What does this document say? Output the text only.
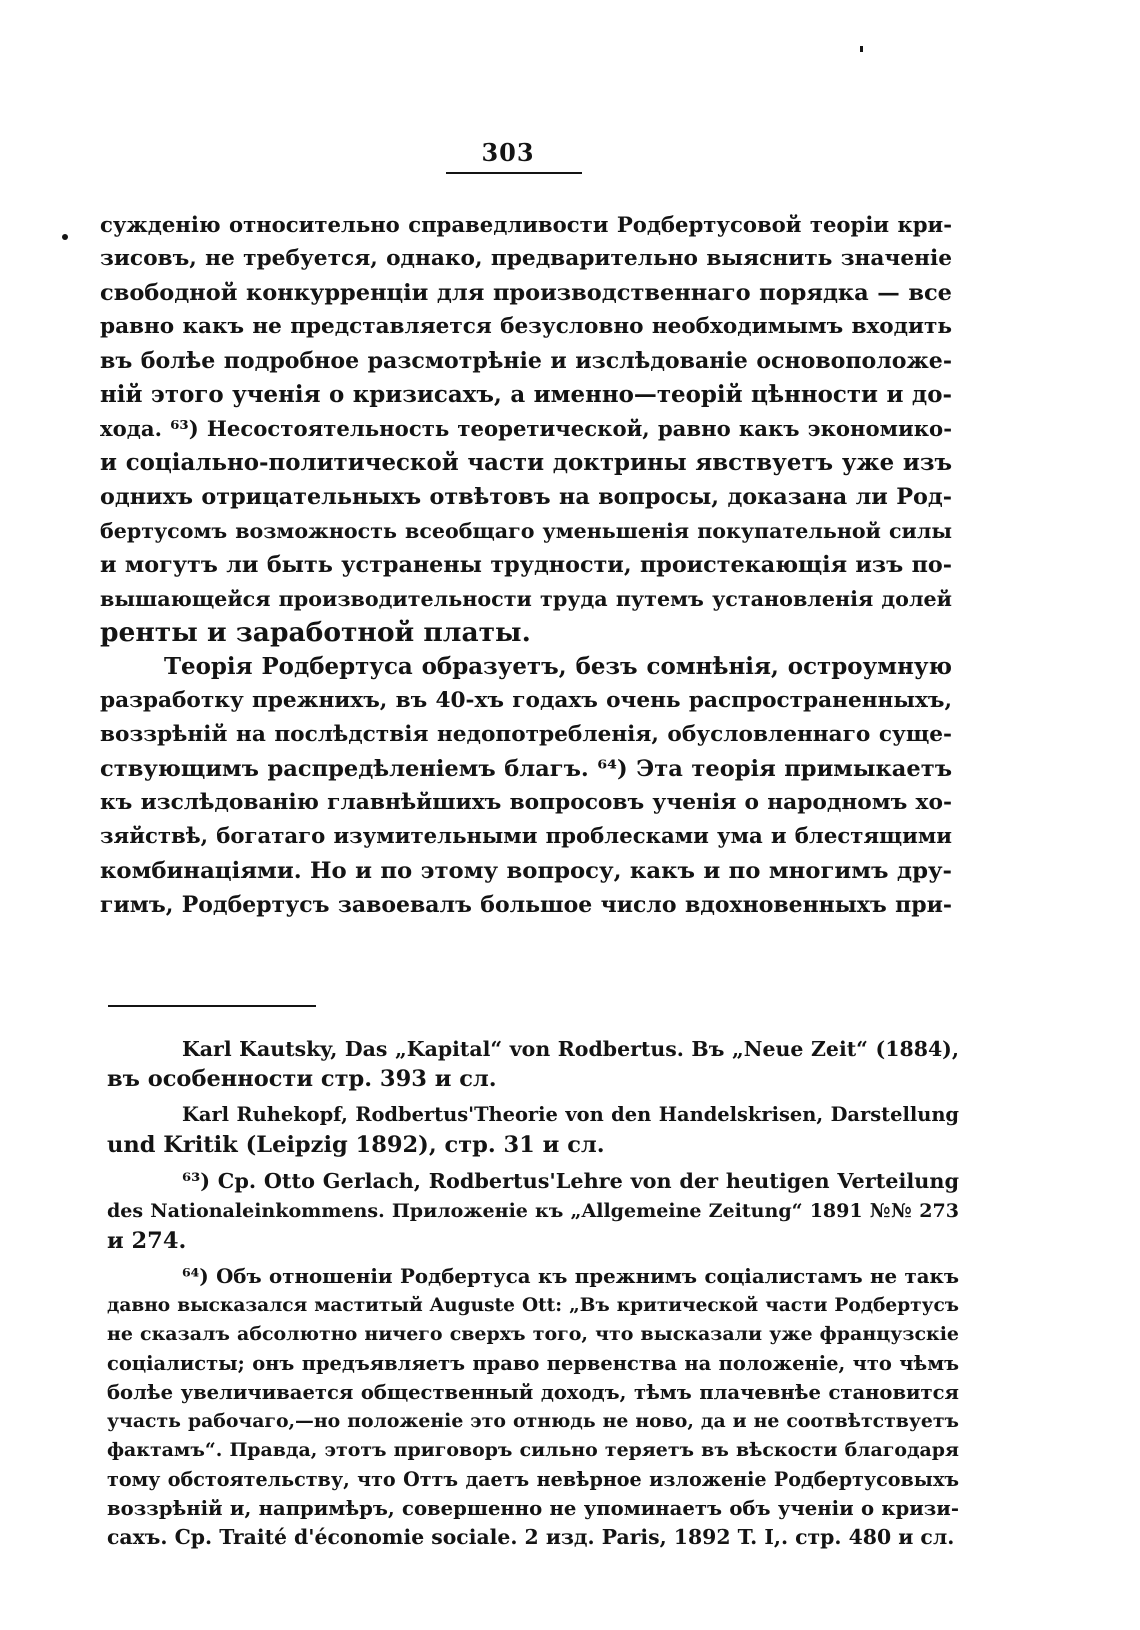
303
сужденію относительно справедливости Родбертусовой теоріи кри-
зисовъ, не требуется, однако, предварительно выяснить значеніе
свободной конкурренціи для производственнаго порядка — все
равно какъ не представляется безусловно необходимымъ входить
въ болѣе подробное разсмотрѣніе и изслѣдованіе основоположе-
ній этого ученія о кризисахъ, а именно—теорій цѣнности и до-
хода. ⁶³) Несостоятельность теоретической, равно какъ экономико-
и соціально-политической части доктрины явствуетъ уже изъ
однихъ отрицательныхъ отвѣтовъ на вопросы, доказана ли Род-
бертусомъ возможность всеобщаго уменьшенія покупательной силы
и могутъ ли быть устранены трудности, проистекающія изъ по-
вышающейся производительности труда путемъ установленія долей
ренты и заработной платы.
Теорія Родбертуса образуетъ, безъ сомнѣнія, остроумную
разработку прежнихъ, въ 40-хъ годахъ очень распространенныхъ,
воззрѣній на послѣдствія недопотребленія, обусловленнаго суще-
ствующимъ распредѣленіемъ благъ. ⁶⁴) Эта теорія примыкаетъ
къ изслѣдованію главнѣйшихъ вопросовъ ученія о народномъ хо-
зяйствѣ, богатаго изумительными проблесками ума и блестящими
комбинаціями. Но и по этому вопросу, какъ и по многимъ дру-
гимъ, Родбертусъ завоевалъ большое число вдохновенныхъ при-
Karl Kautsky, Das „Kapital“ von Rodbertus. Въ „Neue Zeit“ (1884),
въ особенности стр. 393 и сл.
Karl Ruhekopf, Rodbertus'Theorie von den Handelskrisen, Darstellung
und Kritik (Leipzig 1892), стр. 31 и сл.
⁶³) Cp. Otto Gerlach, Rodbertus'Lehre von der heutigen Verteilung
des Nationaleinkommens. Приложеніе къ „Allgemeine Zeitung“ 1891 №№ 273
и 274.
⁶⁴) Объ отношеніи Родбертуса къ прежнимъ соціалистамъ не такъ
давно высказался маститый Auguste Ott: „Въ критической части Родбертусъ
не сказалъ абсолютно ничего сверхъ того, что высказали уже французскіе
соціалисты; онъ предъявляетъ право первенства на положеніе, что чѣмъ
болѣе увеличивается общественный доходъ, тѣмъ плачевнѣе становится
участь рабочаго,—но положеніе это отнюдь не ново, да и не соотвѣтствуетъ
фактамъ“. Правда, этотъ приговоръ сильно теряетъ въ вѣскости благодаря
тому обстоятельству, что Оттъ даетъ невѣрное изложеніе Родбертусовыхъ
воззрѣній и, напримѣръ, совершенно не упоминаетъ объ ученіи о кризи-
сахъ. Cp. Traité d'économie sociale. 2 изд. Paris, 1892 T. I,. стр. 480 и сл.
